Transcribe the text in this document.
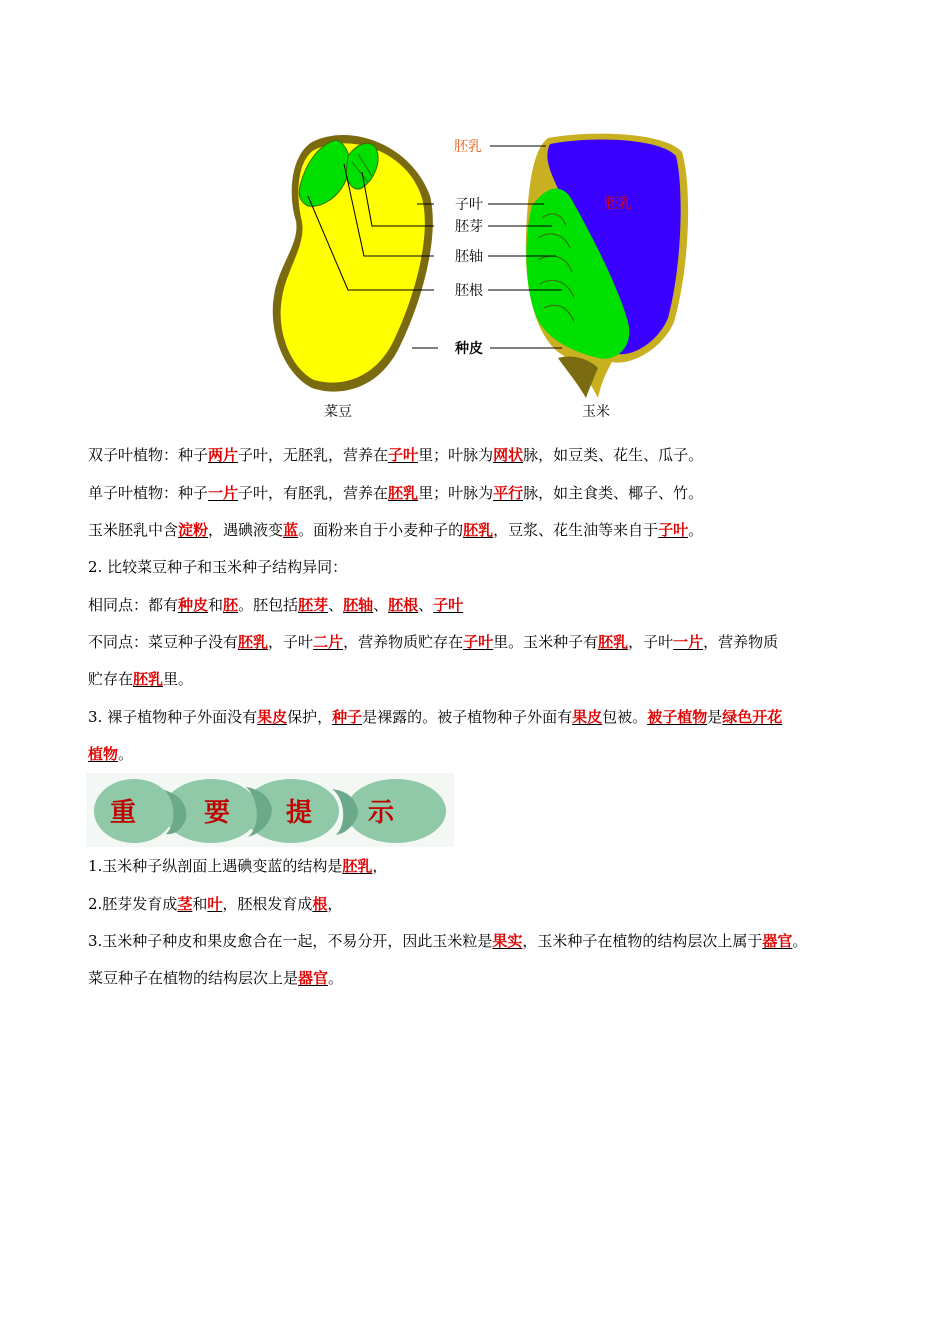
胚乳
子叶
胚芽
胚轴
胚根
种皮
胚乳
菜豆	玉米
双子叶植物：种子两片子叶，无胚乳，营养在子叶里；叶脉为网状脉，如豆类、花生、瓜子。
单子叶植物：种子一片子叶，有胚乳，营养在胚乳里；叶脉为平行脉，如主食类、椰子、竹。
玉米胚乳中含淀粉，遇碘液变蓝。面粉来自于小麦种子的胚乳，豆浆、花生油等来自于子叶。
2. 比较菜豆种子和玉米种子结构异同：
相同点：都有种皮和胚。胚包括胚芽、胚轴、胚根、子叶
不同点：菜豆种子没有胚乳，子叶二片，营养物质贮存在子叶里。玉米种子有胚乳，子叶一片，营养物质
贮存在胚乳里。
3. 裸子植物种子外面没有果皮保护，种子是裸露的。被子植物种子外面有果皮包被。被子植物是绿色开花
植物。
重	要 提 示
1.玉米种子纵剖面上遇碘变蓝的结构是胚乳，
2.胚芽发育成茎和叶，胚根发育成根，
3.玉米种子种皮和果皮愈合在一起，不易分开，因此玉米粒是果实，玉米种子在植物的结构层次上属于器官。
菜豆种子在植物的结构层次上是器官。
